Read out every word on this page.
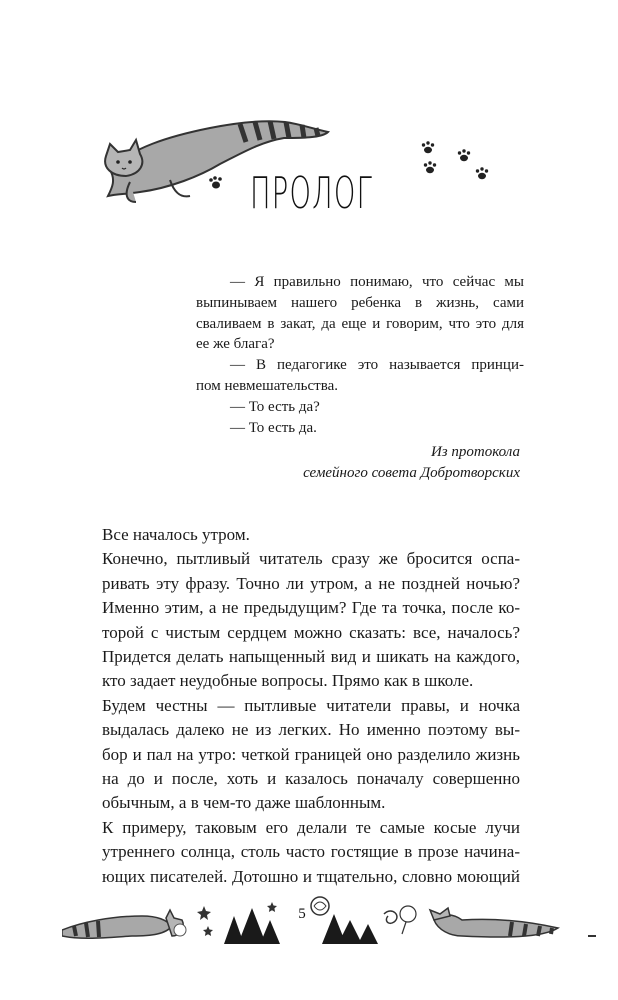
ПРОЛОГ
— Я правильно понимаю, что сейчас мы
выпинываем нашего ребенка в жизнь, сами
сваливаем в закат, да еще и говорим, что это для
ее же блага?
— В педагогике это называется принци-
пом невмешательства.
— То есть да?
— То есть да.
Из протокола
семейного совета Добротворских
Все началось утром.
Конечно, пытливый читатель сразу же бросится оспа-
ривать эту фразу. Точно ли утром, а не поздней ночью?
Именно этим, а не предыдущим? Где та точка, после ко-
торой с чистым сердцем можно сказать: все, началось?
Придется делать напыщенный вид и шикать на каждого,
кто задает неудобные вопросы. Прямо как в школе.
Будем честны — пытливые читатели правы, и ночка
выдалась далеко не из легких. Но именно поэтому вы-
бор и пал на утро: четкой границей оно разделило жизнь
на до и после, хоть и казалось поначалу совершенно
обычным, а в чем-то даже шаблонным.
К примеру, таковым его делали те самые косые лучи
утреннего солнца, столь часто гостящие в прозе начина-
ющих писателей. Дотошно и тщательно, словно моющий
5
